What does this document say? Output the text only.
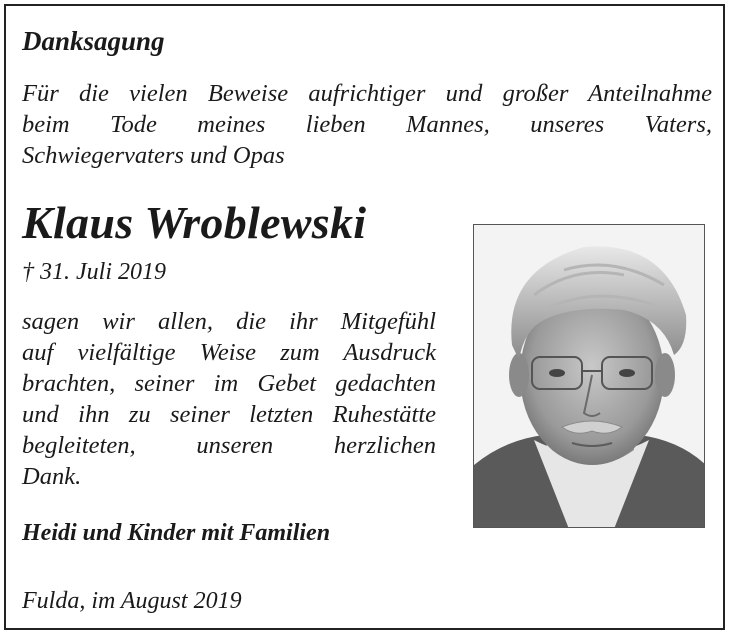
Danksagung
Für die vielen Beweise aufrichtiger und großer Anteilnahme
beim Tode meines lieben Mannes, unseres Vaters,
Schwiegervaters und Opas
Klaus Wroblewski
† 31. Juli 2019
sagen wir allen, die ihr Mitgefühl
auf vielfältige Weise zum Ausdruck
brachten, seiner im Gebet gedachten
und ihn zu seiner letzten Ruhestätte
begleiteten, unseren herzlichen
Dank.
Heidi und Kinder mit Familien
Fulda, im August 2019
